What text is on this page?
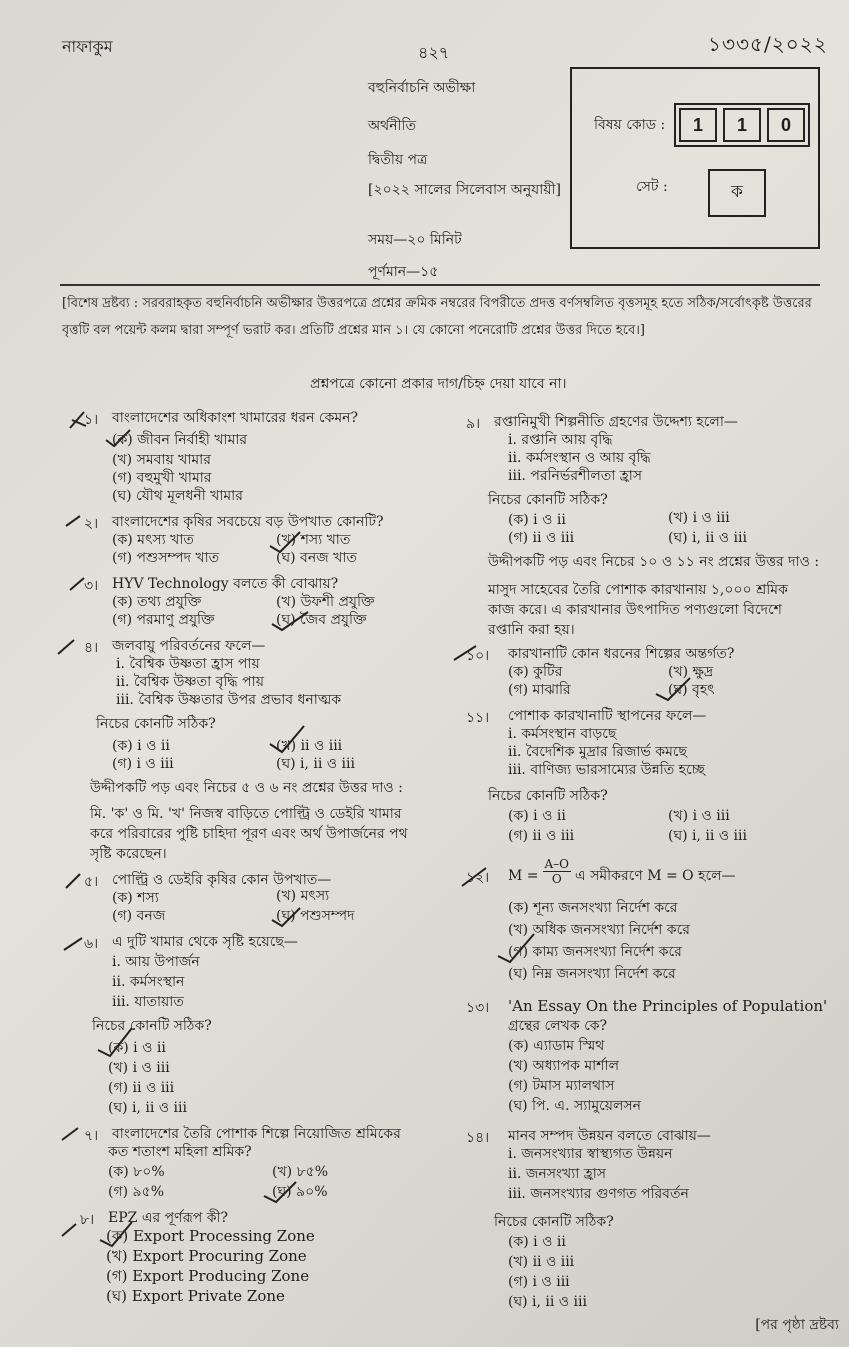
নাফাকুম	৪২৭	১৩৩৫/২০২২
বহুনির্বাচনি অভীক্ষা
অর্থনীতি
দ্বিতীয় পত্র
[২০২২ সালের সিলেবাস অনুযায়ী]
সময়—২০ মিনিট
পূর্ণমান—১৫
বিষয় কোড :	1	1	0
সেট :	ক
[বিশেষ দ্রষ্টব্য : সরবরাহকৃত বহুনির্বাচনি অভীক্ষার উত্তরপত্রে প্রশ্নের ক্রমিক নম্বরের বিপরীতে প্রদত্ত বর্ণসম্বলিত বৃত্তসমূহ হতে সঠিক/সর্বোৎকৃষ্ট উত্তরের বৃত্তটি বল পয়েন্ট কলম দ্বারা সম্পূর্ণ ভরাট কর। প্রতিটি প্রশ্নের মান ১। যে কোনো পনেরোটি প্রশ্নের উত্তর দিতে হবে।]
প্রশ্নপত্রে কোনো প্রকার দাগ/চিহ্ন দেয়া যাবে না।
১। বাংলাদেশের অধিকাংশ খামারের ধরন কেমন?
(ক) জীবন নির্বাহী খামার
(খ) সমবায় খামার
(গ) বহুমুখী খামার
(ঘ) যৌথ মূলধনী খামার
২। বাংলাদেশের কৃষির সবচেয়ে বড় উপখাত কোনটি?
(ক) মৎস্য খাত	(খ) শস্য খাত
(গ) পশুসম্পদ খাত	(ঘ) বনজ খাত
৩। HYV Technology বলতে কী বোঝায়?
(ক) তথ্য প্রযুক্তি	(খ) উফশী প্রযুক্তি
(গ) পরমাণু প্রযুক্তি	(ঘ) জৈব প্রযুক্তি
৪। জলবায়ু পরিবর্তনের ফলে—
i. বৈশ্বিক উষ্ণতা হ্রাস পায়
ii. বৈশ্বিক উষ্ণতা বৃদ্ধি পায়
iii. বৈশ্বিক উষ্ণতার উপর প্রভাব ধনাত্মক
নিচের কোনটি সঠিক?
(ক) i ও ii	(খ) ii ও iii
(গ) i ও iii	(ঘ) i, ii ও iii
উদ্দীপকটি পড় এবং নিচের ৫ ও ৬ নং প্রশ্নের উত্তর দাও :
মি. 'ক' ও মি. 'খ' নিজস্ব বাড়িতে পোল্ট্রি ও ডেইরি খামার
করে পরিবারের পুষ্টি চাহিদা পূরণ এবং অর্থ উপার্জনের পথ
সৃষ্টি করেছেন।
৫। পোল্ট্রি ও ডেইরি কৃষির কোন উপখাত—
(ক) শস্য	(খ) মৎস্য
(গ) বনজ	(ঘ) পশুসম্পদ
৬। এ দুটি খামার থেকে সৃষ্টি হয়েছে—
i. আয় উপার্জন
ii. কর্মসংস্থান
iii. যাতায়াত
নিচের কোনটি সঠিক?
(ক) i ও ii
(খ) i ও iii
(গ) ii ও iii
(ঘ) i, ii ও iii
৭। বাংলাদেশের তৈরি পোশাক শিল্পে নিয়োজিত শ্রমিকের
কত শতাংশ মহিলা শ্রমিক?
(ক) ৮০%	(খ) ৮৫%
(গ) ৯৫%	(ঘ) ৯০%
৮। EPZ এর পূর্ণরূপ কী?
(ক) Export Processing Zone
(খ) Export Procuring Zone
(গ) Export Producing Zone
(ঘ) Export Private Zone
৯। রপ্তানিমুখী শিল্পনীতি গ্রহণের উদ্দেশ্য হলো—
i. রপ্তানি আয় বৃদ্ধি
ii. কর্মসংস্থান ও আয় বৃদ্ধি
iii. পরনির্ভরশীলতা হ্রাস
নিচের কোনটি সঠিক?
(ক) i ও ii	(খ) i ও iii
(গ) ii ও iii	(ঘ) i, ii ও iii
উদ্দীপকটি পড় এবং নিচের ১০ ও ১১ নং প্রশ্নের উত্তর দাও :
মাসুদ সাহেবের তৈরি পোশাক কারখানায় ১,০০০ শ্রমিক
কাজ করে। এ কারখানার উৎপাদিত পণ্যগুলো বিদেশে
রপ্তানি করা হয়।
১০।	কারখানাটি কোন ধরনের শিল্পের অন্তর্গত?
(ক) কুটির	(খ) ক্ষুদ্র
(গ) মাঝারি	(ঘ) বৃহৎ
১১।	পোশাক কারখানাটি স্থাপনের ফলে—
i. কর্মসংস্থান বাড়ছে
ii. বৈদেশিক মুদ্রার রিজার্ভ কমছে
iii. বাণিজ্য ভারসাম্যের উন্নতি হচ্ছে
নিচের কোনটি সঠিক?
(ক) i ও ii	(খ) i ও iii
(গ) ii ও iii	(ঘ) i, ii ও iii
১২।	$M = \frac{A-O}{O}$ এ সমীকরণে M = O হলে—
(ক) শূন্য জনসংখ্যা নির্দেশ করে
(খ) অধিক জনসংখ্যা নির্দেশ করে
(গ) কাম্য জনসংখ্যা নির্দেশ করে
(ঘ) নিম্ন জনসংখ্যা নির্দেশ করে
১৩।	'An Essay On the Principles of Population'
গ্রন্থের লেখক কে?
(ক) এ্যাডাম স্মিথ
(খ) অধ্যাপক মার্শাল
(গ) টমাস ম্যালথাস
(ঘ) পি. এ. স্যামুয়েলসন
১৪।	মানব সম্পদ উন্নয়ন বলতে বোঝায়—
i. জনসংখ্যার স্বাস্থ্যগত উন্নয়ন
ii. জনসংখ্যা হ্রাস
iii. জনসংখ্যার গুণগত পরিবর্তন
নিচের কোনটি সঠিক?
(ক) i ও ii
(খ) ii ও iii
(গ) i ও iii
(ঘ) i, ii ও iii
[পর পৃষ্ঠা দ্রষ্টব্য
